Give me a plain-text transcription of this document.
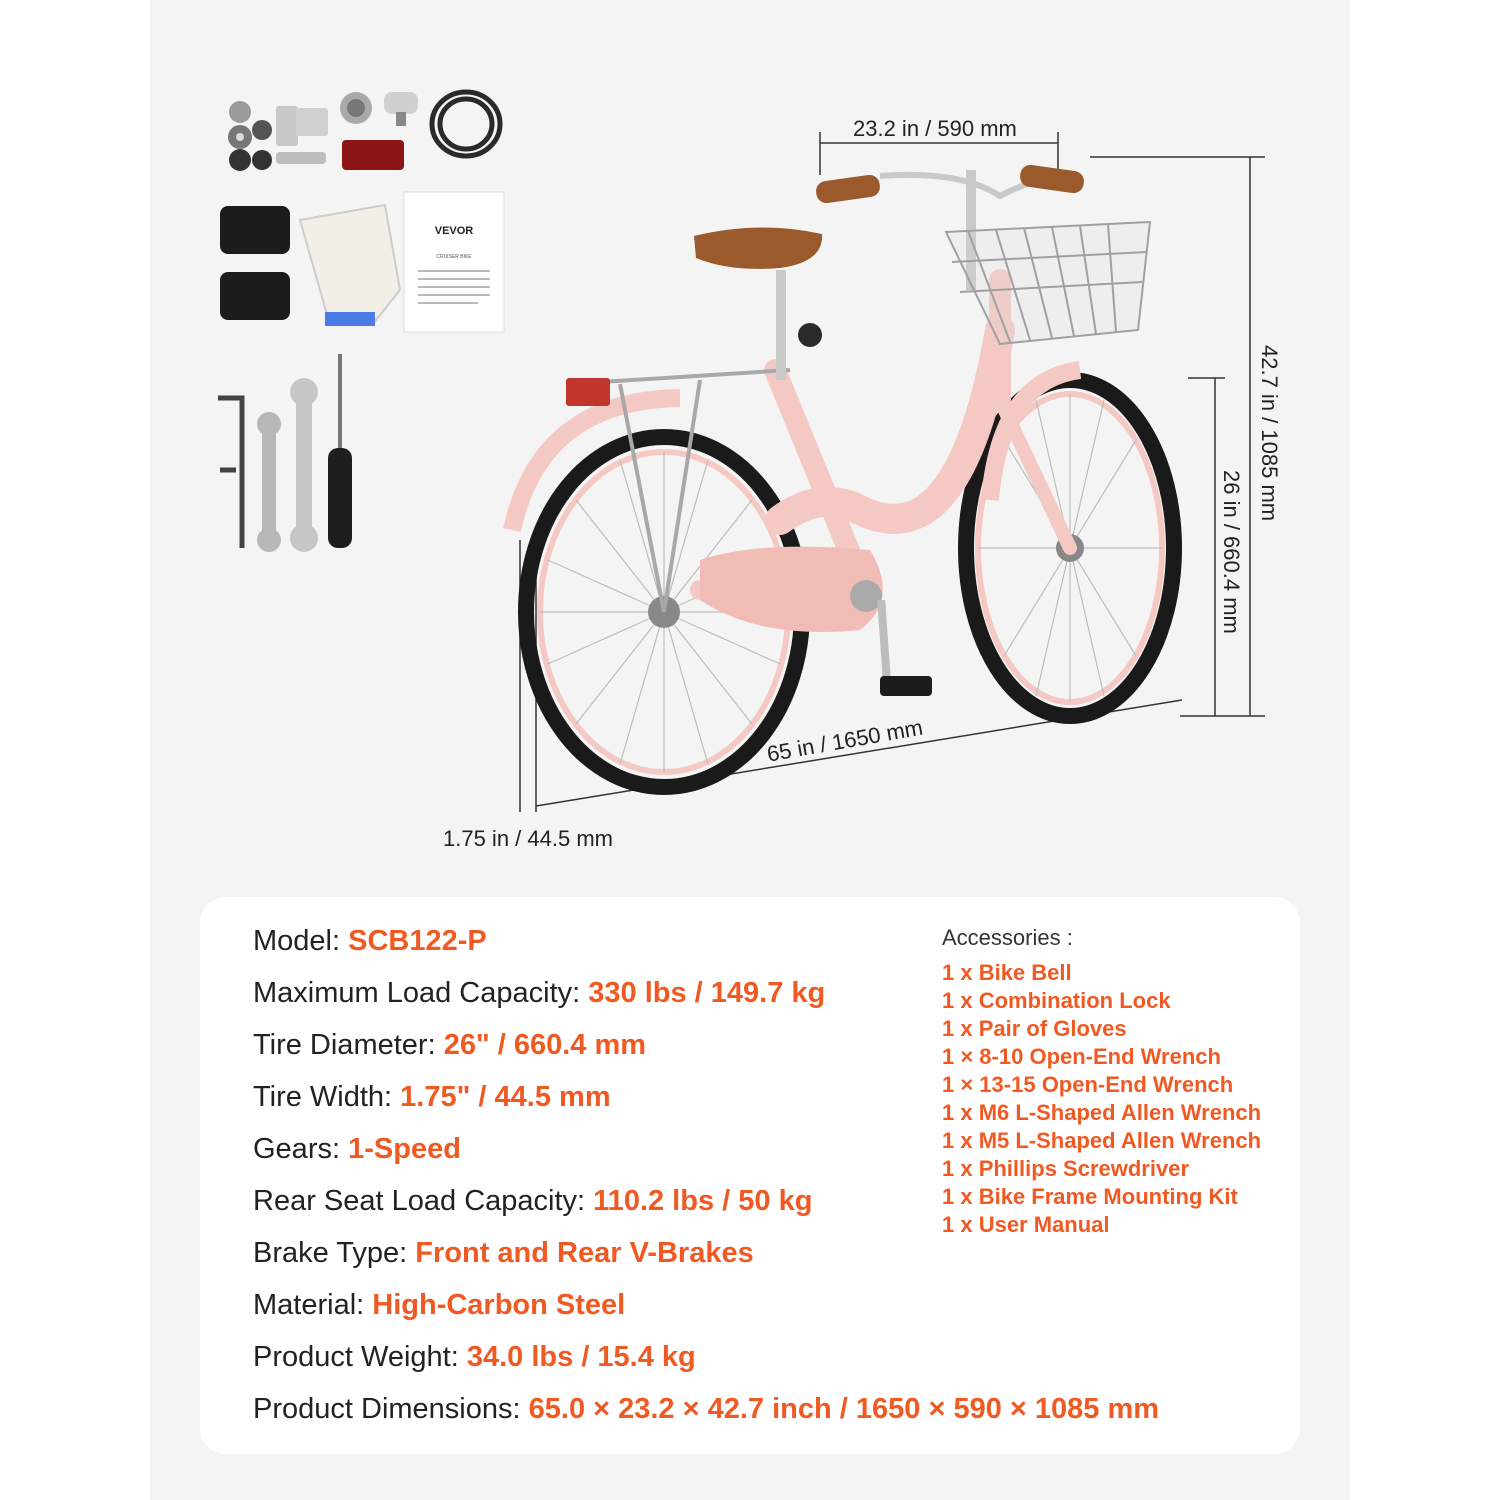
VEVOR
CRUISER BIKE
23.2 in / 590 mm
65 in / 1650 mm
1.75 in / 44.5 mm
42.7 in / 1085 mm
26 in / 660.4 mm
Model: SCB122-P
Maximum Load Capacity: 330 lbs / 149.7 kg
Tire Diameter: 26" / 660.4 mm
Tire Width: 1.75" / 44.5 mm
Gears: 1-Speed
Rear Seat Load Capacity: 110.2 lbs / 50 kg
Brake Type: Front and Rear V-Brakes
Material: High-Carbon Steel
Product Weight: 34.0 lbs / 15.4 kg
Product Dimensions: 65.0 × 23.2 × 42.7 inch / 1650 × 590 × 1085 mm
Accessories :
1 x Bike Bell
1 x Combination Lock
1 x Pair of Gloves
1 × 8-10 Open-End Wrench
1 × 13-15 Open-End Wrench
1 x M6 L-Shaped Allen Wrench
1 x M5 L-Shaped Allen Wrench
1 x Phillips Screwdriver
1 x Bike Frame Mounting Kit
1 x User Manual
